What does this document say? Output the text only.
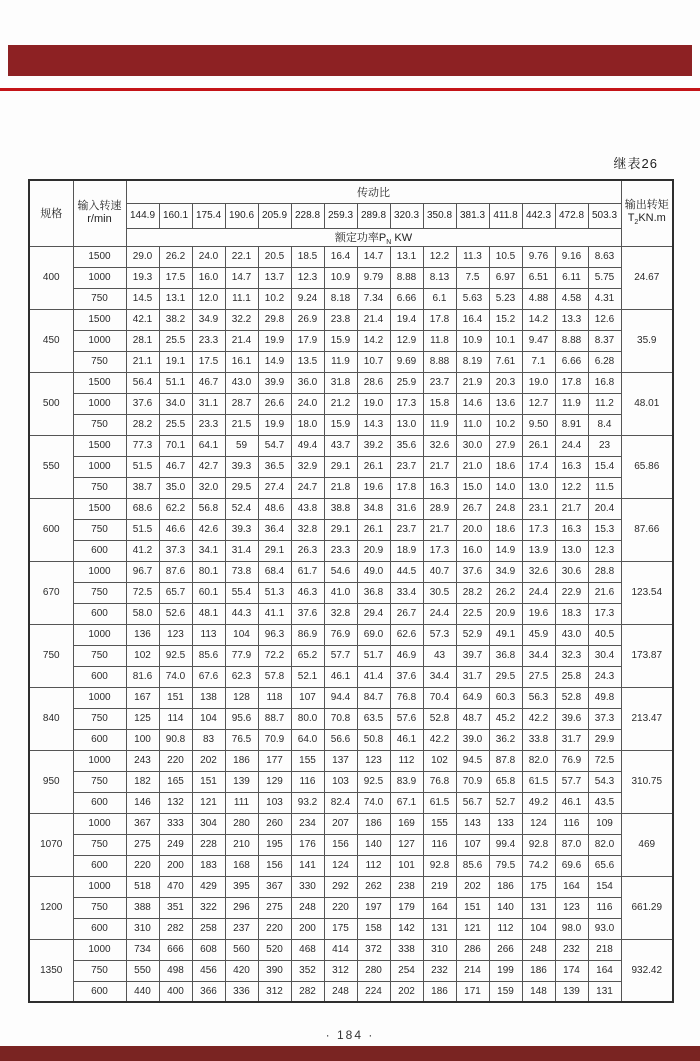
继表26
规格	输入转速
r/min	传动比															输出转矩
$T_2KN.m$
		144.9	160.1	175.4	190.6	205.9	228.8	259.3	289.8	320.3	350.8	381.3	411.8	442.3	472.8	503.3	
		额定功率$P_N$ KW															
400	1500	29.0	26.2	24.0	22.1	20.5	18.5	16.4	14.7	13.1	12.2	11.3	10.5	9.76	9.16	8.63	24.67
	1000	19.3	17.5	16.0	14.7	13.7	12.3	10.9	9.79	8.88	8.13	7.5	6.97	6.51	6.11	5.75	
	750	14.5	13.1	12.0	11.1	10.2	9.24	8.18	7.34	6.66	6.1	5.63	5.23	4.88	4.58	4.31	
450	1500	42.1	38.2	34.9	32.2	29.8	26.9	23.8	21.4	19.4	17.8	16.4	15.2	14.2	13.3	12.6	35.9
	1000	28.1	25.5	23.3	21.4	19.9	17.9	15.9	14.2	12.9	11.8	10.9	10.1	9.47	8.88	8.37	
	750	21.1	19.1	17.5	16.1	14.9	13.5	11.9	10.7	9.69	8.88	8.19	7.61	7.1	6.66	6.28	
500	1500	56.4	51.1	46.7	43.0	39.9	36.0	31.8	28.6	25.9	23.7	21.9	20.3	19.0	17.8	16.8	48.01
	1000	37.6	34.0	31.1	28.7	26.6	24.0	21.2	19.0	17.3	15.8	14.6	13.6	12.7	11.9	11.2	
	750	28.2	25.5	23.3	21.5	19.9	18.0	15.9	14.3	13.0	11.9	11.0	10.2	9.50	8.91	8.4	
550	1500	77.3	70.1	64.1	59	54.7	49.4	43.7	39.2	35.6	32.6	30.0	27.9	26.1	24.4	23	65.86
	1000	51.5	46.7	42.7	39.3	36.5	32.9	29.1	26.1	23.7	21.7	21.0	18.6	17.4	16.3	15.4	
	750	38.7	35.0	32.0	29.5	27.4	24.7	21.8	19.6	17.8	16.3	15.0	14.0	13.0	12.2	11.5	
600	1500	68.6	62.2	56.8	52.4	48.6	43.8	38.8	34.8	31.6	28.9	26.7	24.8	23.1	21.7	20.4	87.66
	750	51.5	46.6	42.6	39.3	36.4	32.8	29.1	26.1	23.7	21.7	20.0	18.6	17.3	16.3	15.3	
	600	41.2	37.3	34.1	31.4	29.1	26.3	23.3	20.9	18.9	17.3	16.0	14.9	13.9	13.0	12.3	
670	1000	96.7	87.6	80.1	73.8	68.4	61.7	54.6	49.0	44.5	40.7	37.6	34.9	32.6	30.6	28.8	123.54
	750	72.5	65.7	60.1	55.4	51.3	46.3	41.0	36.8	33.4	30.5	28.2	26.2	24.4	22.9	21.6	
	600	58.0	52.6	48.1	44.3	41.1	37.6	32.8	29.4	26.7	24.4	22.5	20.9	19.6	18.3	17.3	
750	1000	136	123	113	104	96.3	86.9	76.9	69.0	62.6	57.3	52.9	49.1	45.9	43.0	40.5	173.87
	750	102	92.5	85.6	77.9	72.2	65.2	57.7	51.7	46.9	43	39.7	36.8	34.4	32.3	30.4	
	600	81.6	74.0	67.6	62.3	57.8	52.1	46.1	41.4	37.6	34.4	31.7	29.5	27.5	25.8	24.3	
840	1000	167	151	138	128	118	107	94.4	84.7	76.8	70.4	64.9	60.3	56.3	52.8	49.8	213.47
	750	125	114	104	95.6	88.7	80.0	70.8	63.5	57.6	52.8	48.7	45.2	42.2	39.6	37.3	
	600	100	90.8	83	76.5	70.9	64.0	56.6	50.8	46.1	42.2	39.0	36.2	33.8	31.7	29.9	
950	1000	243	220	202	186	177	155	137	123	112	102	94.5	87.8	82.0	76.9	72.5	310.75
	750	182	165	151	139	129	116	103	92.5	83.9	76.8	70.9	65.8	61.5	57.7	54.3	
	600	146	132	121	111	103	93.2	82.4	74.0	67.1	61.5	56.7	52.7	49.2	46.1	43.5	
1070	1000	367	333	304	280	260	234	207	186	169	155	143	133	124	116	109	469
	750	275	249	228	210	195	176	156	140	127	116	107	99.4	92.8	87.0	82.0	
	600	220	200	183	168	156	141	124	112	101	92.8	85.6	79.5	74.2	69.6	65.6	
1200	1000	518	470	429	395	367	330	292	262	238	219	202	186	175	164	154	661.29
	750	388	351	322	296	275	248	220	197	179	164	151	140	131	123	116	
	600	310	282	258	237	220	200	175	158	142	131	121	112	104	98.0	93.0	
1350	1000	734	666	608	560	520	468	414	372	338	310	286	266	248	232	218	932.42
	750	550	498	456	420	390	352	312	280	254	232	214	199	186	174	164	
	600	440	400	366	336	312	282	248	224	202	186	171	159	148	139	131	
· 184 ·
